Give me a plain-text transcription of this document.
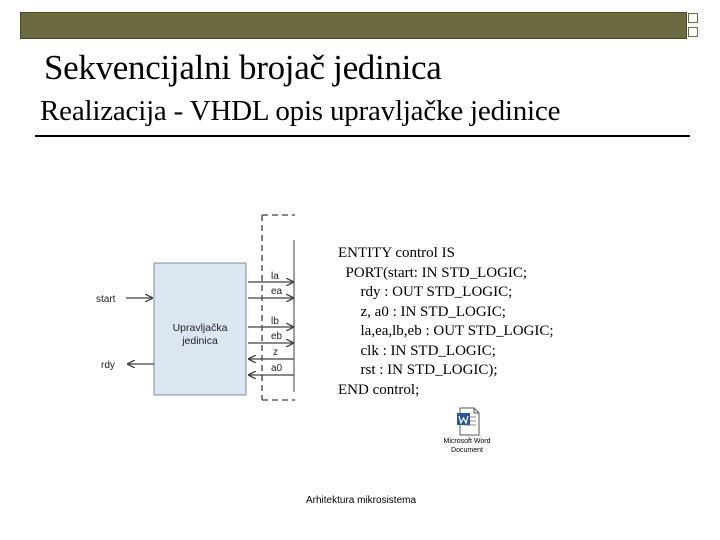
Sekvencijalni brojač jedinica
Realizacija - VHDL opis upravljačke jedinice
Upravljačka
jedinica
start
rdy
la
ea
lb
eb
z
a0
ENTITY control IS
PORT(start: IN STD_LOGIC;
rdy : OUT STD_LOGIC;
z, a0 : IN STD_LOGIC;
la,ea,lb,eb : OUT STD_LOGIC;
clk : IN STD_LOGIC;
rst : IN STD_LOGIC);
END control;
Microsoft Word
Document
Arhitektura mikrosistema
